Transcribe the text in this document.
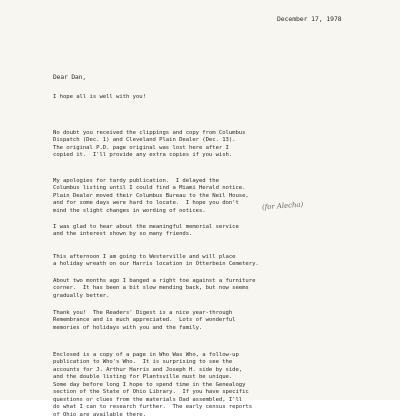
December 17, 1978
Dear Dan,
I hope all is well with you!
No doubt you received the clippings and copy from Columbus
Dispatch (Dec. 1) and Cleveland Plain Dealer (Dec. 13).
The original P.D. page original was lost here after I
copied it.  I'll provide any extra copies if you wish.
My apologies for tardy publication.  I delayed the
Columbus listing until I could find a Miami Herald notice.
Plain Dealer moved their Columbus Bureau to the Neil House,
and for some days were hard to locate.  I hope you don't
mind the slight changes in wording of notices.
I was glad to hear about the meaningful memorial service
and the interest shown by so many friends.
(for Alecha)
This afternoon I am going to Westerville and will place
a holiday wreath on our Harris location in Otterbein Cemetery.
About two months ago I banged a right toe against a furniture
corner.  It has been a bit slow mending back, but now seems
gradually better.
Thank you!  The Readers' Digest is a nice year-through
Remembrance and is much appreciated.  Lots of wonderful
memories of holidays with you and the family.
Enclosed is a copy of a page in Who Was Who, a follow-up
publication to Who's Who.  It is surprising to see the
accounts for J. Arthur Harris and Joseph H. side by side,
and the double listing for Plantsville must be unique.
Some day before long I hope to spend time in the Genealogy
section of the State of Ohio Library.  If you have specific
questions or clues from the materials Dad assembled, I'll
do what I can to research further.  The early census reports
of Ohio are available there.
